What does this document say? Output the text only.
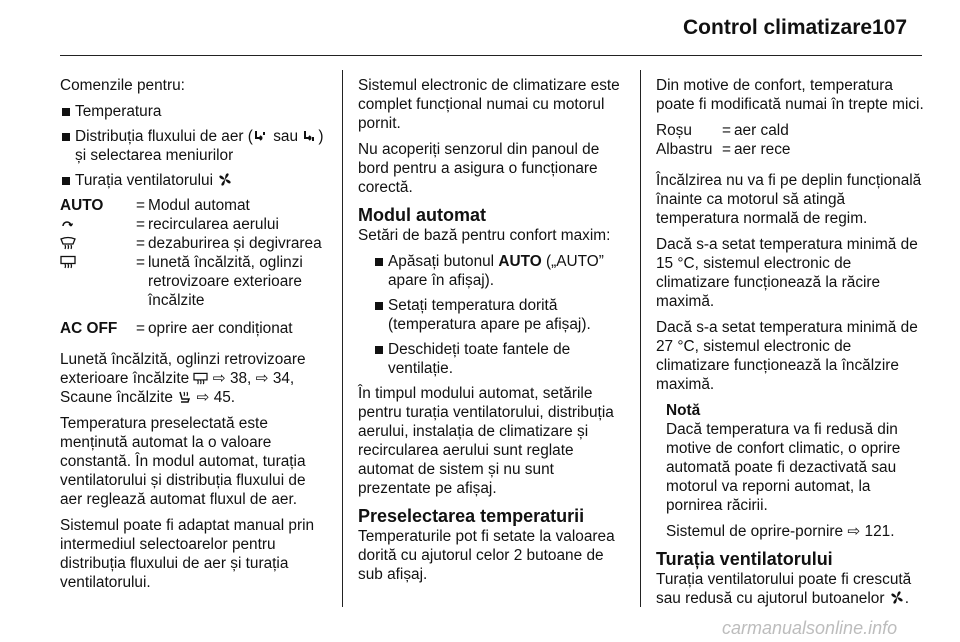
Control climatizare 107

Comenzile pentru:

Temperatura
Distribuția fluxului de aer ( sau )
și selectarea meniurilor
Turația ventilatorului
AUTO	= Modul automat
= recircularea aerului
= dezaburirea și degivrarea
= lunetă încălzită, oglinzi retrovizoare exterioare încălzite
AC OFF	= oprire aer condiționat

Lunetă încălzită, oglinzi retrovizoare exterioare încălzite ⇨ 38, ⇨ 34, Scaune încălzite ⇨ 45.

Temperatura preselectată este menținută automat la o valoare constantă. În modul automat, turația ventilatorului și distribuția fluxului de aer reglează automat fluxul de aer.

Sistemul poate fi adaptat manual prin intermediul selectoarelor pentru distribuția fluxului de aer și turația ventilatorului.

Sistemul electronic de climatizare este complet funcțional numai cu motorul pornit.

Nu acoperiți senzorul din panoul de bord pentru a asigura o funcționare corectă.

Modul automat

Setări de bază pentru confort maxim:

Apăsați butonul AUTO („AUTO” apare în afișaj).
Setați temperatura dorită (temperatura apare pe afișaj).
Deschideți toate fantele de ventilație.

În timpul modului automat, setările pentru turația ventilatorului, distribuția aerului, instalația de climatizare și recircularea aerului sunt reglate automat de sistem și nu sunt prezentate pe afișaj.

Preselectarea temperaturii

Temperaturile pot fi setate la valoarea dorită cu ajutorul celor 2 butoane de sub afișaj.

Din motive de confort, temperatura poate fi modificată numai în trepte mici.

Roșu	= aer cald
Albastru = aer rece

Încălzirea nu va fi pe deplin funcțională înainte ca motorul să atingă temperatura normală de regim.

Dacă s-a setat temperatura minimă de 15 °C, sistemul electronic de climatizare funcționează la răcire maximă.

Dacă s-a setat temperatura minimă de 27 °C, sistemul electronic de climatizare funcționează la încălzire maximă.

Notă

Dacă temperatura va fi redusă din motive de confort climatic, o oprire automată poate fi dezactivată sau motorul va reporni automat, la pornirea răcirii.

Sistemul de oprire-pornire ⇨ 121.

Turația ventilatorului

Turația ventilatorului poate fi crescută sau redusă cu ajutorul butoanelor .

carmanualsonline.info
